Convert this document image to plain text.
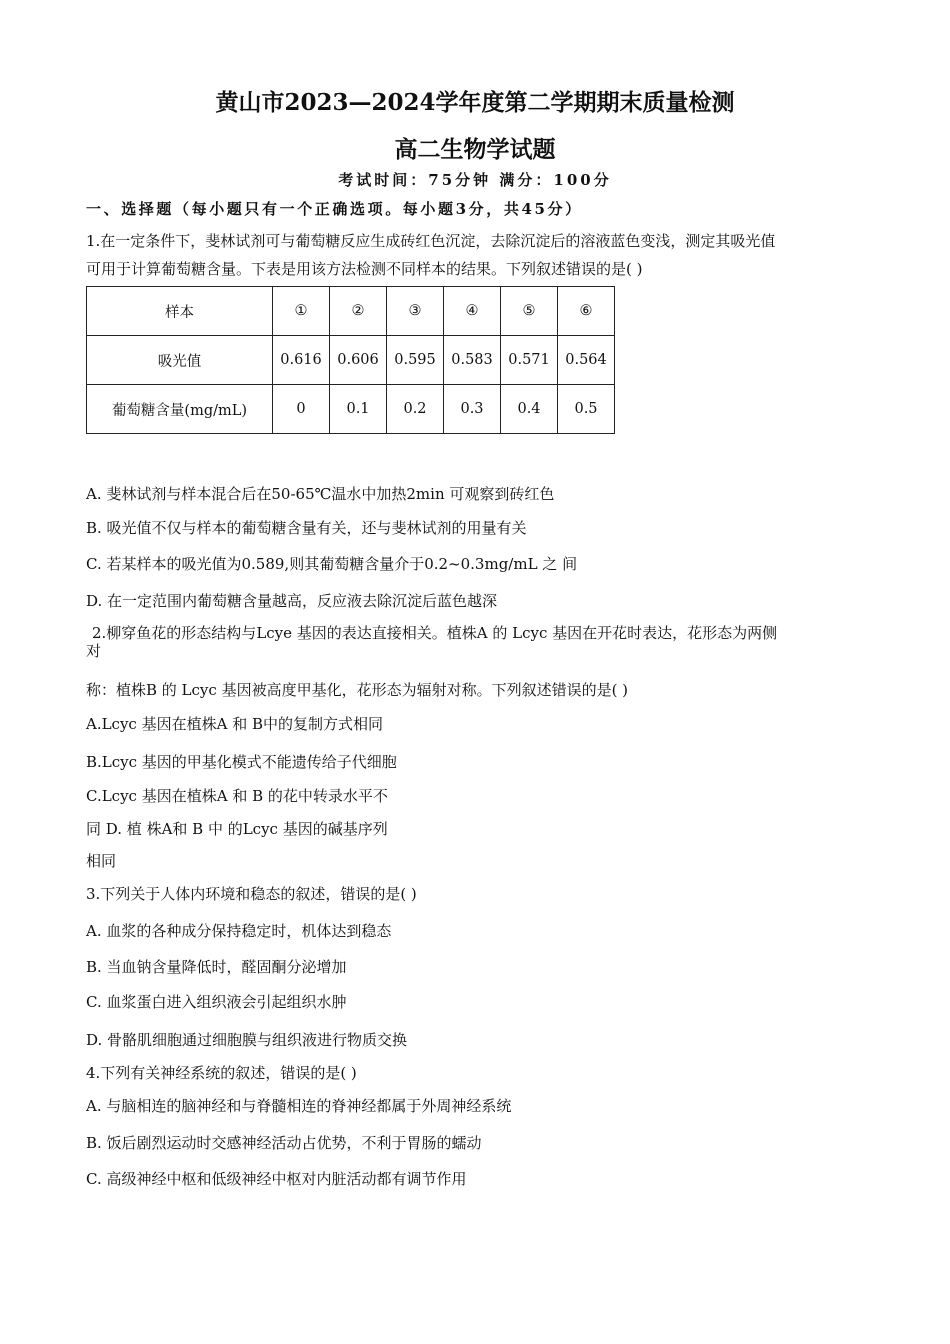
黄山市2023—2024学年度第二学期期末质量检测
高二生物学试题
考试时间：75分钟 满分：100分
一、选择题（每小题只有一个正确选项。每小题3分，共45分）
1.在一定条件下，斐林试剂可与葡萄糖反应生成砖红色沉淀，去除沉淀后的溶液蓝色变浅，测定其吸光值
可用于计算葡萄糖含量。下表是用该方法检测不同样本的结果。下列叙述错误的是( )
样本	①	②	③	④	⑤	⑥
吸光值	0.616	0.606	0.595	0.583	0.571	0.564
葡萄糖含量(mg/mL)	0	0.1	0.2	0.3	0.4	0.5
A. 斐林试剂与样本混合后在50-65℃温水中加热2min 可观察到砖红色
B. 吸光值不仅与样本的葡萄糖含量有关，还与斐林试剂的用量有关
C. 若某样本的吸光值为0.589,则其葡萄糖含量介于0.2~0.3mg/mL 之 间
D. 在一定范围内葡萄糖含量越高，反应液去除沉淀后蓝色越深
2.柳穿鱼花的形态结构与Lcye 基因的表达直接相关。植株A 的 Lcyc 基因在开花时表达，花形态为两侧
对
称：植株B 的 Lcyc 基因被高度甲基化，花形态为辐射对称。下列叙述错误的是( )
A.Lcyc 基因在植株A 和 B中的复制方式相同
B.Lcyc 基因的甲基化模式不能遗传给子代细胞
C.Lcyc 基因在植株A 和 B 的花中转录水平不
同 D. 植 株A和 B 中 的Lcyc 基因的碱基序列
相同
3.下列关于人体内环境和稳态的叙述，错误的是( )
A. 血浆的各种成分保持稳定时，机体达到稳态
B. 当血钠含量降低时，醛固酮分泌增加
C. 血浆蛋白进入组织液会引起组织水肿
D. 骨骼肌细胞通过细胞膜与组织液进行物质交换
4.下列有关神经系统的叙述，错误的是( )
A. 与脑相连的脑神经和与脊髓相连的脊神经都属于外周神经系统
B. 饭后剧烈运动时交感神经活动占优势，不利于胃肠的蠕动
C. 高级神经中枢和低级神经中枢对内脏活动都有调节作用
